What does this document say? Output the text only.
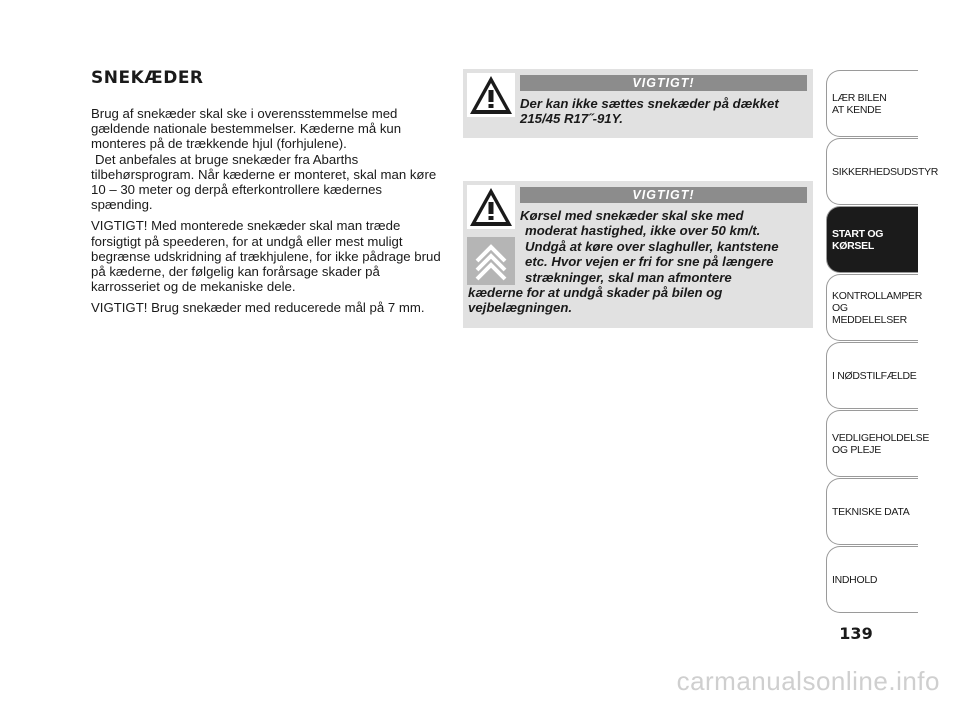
SNEKÆDER

Brug af snekæder skal ske i overensstemmelse med gældende nationale bestemmelser. Kæderne må kun monteres på de trækkende hjul (forhjulene).

Det anbefales at bruge snekæder fra Abarths tilbehørsprogram. Når kæderne er monteret, skal man køre 10 – 30 meter og derpå efterkontrollere kædernes spænding.

VIGTIGT! Med monterede snekæder skal man træde forsigtigt på speederen, for at undgå eller mest muligt begrænse udskridning af trækhjulene, for ikke pådrage brud på kæderne, der følgelig kan forårsage skader på karrosseriet og de mekaniske dele.

VIGTIGT! Brug snekæder med reducerede mål på 7 mm.

VIGTIGT!
Der kan ikke sættes snekæder på dækket 215/45 R17˝-91Y.
VIGTIGT!
Kørsel med snekæder skal ske med
moderat hastighed, ikke over 50 km/t.
Undgå at køre over slaghuller, kantstene
etc. Hvor vejen er fri for sne på længere
strækninger, skal man afmontere
kæderne for at undgå skader på bilen og
vejbelægningen.
LÆR BILEN
AT KENDE
SIKKERHEDSUDSTYR
START OG KØRSEL
KONTROLLAMPER
OG MEDDELELSER
I NØDSTILFÆLDE
VEDLIGEHOLDELSE
OG PLEJE
TEKNISKE DATA
INDHOLD
139
carmanualsonline.info
